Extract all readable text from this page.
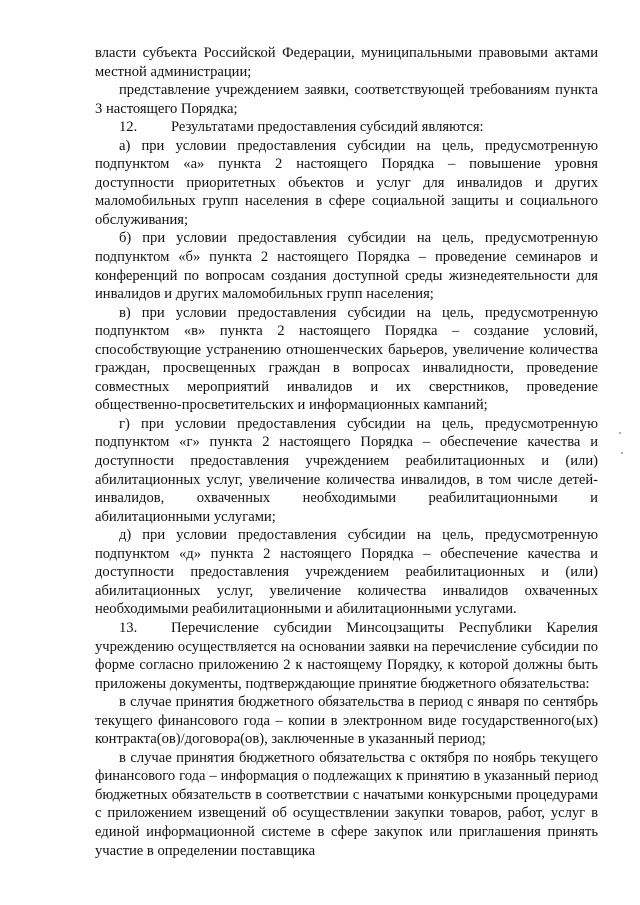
власти субъекта Российской Федерации, муниципальными правовыми актами местной администрации;

представление учреждением заявки, соответствующей требованиям пункта 3 настоящего Порядка;

12. Результатами предоставления субсидий являются:

а) при условии предоставления субсидии на цель, предусмотренную подпунктом «а» пункта 2 настоящего Порядка – повышение уровня доступности приоритетных объектов и услуг для инвалидов и других маломобильных групп населения в сфере социальной защиты и социального обслуживания;

б) при условии предоставления субсидии на цель, предусмотренную подпунктом «б» пункта 2 настоящего Порядка – проведение семинаров и конференций по вопросам создания доступной среды жизнедеятельности для инвалидов и других маломобильных групп населения;

в) при условии предоставления субсидии на цель, предусмотренную подпунктом «в» пункта 2 настоящего Порядка – создание условий, способствующие устранению отношенческих барьеров, увеличение количества граждан, просвещенных граждан в вопросах инвалидности, проведение совместных мероприятий инвалидов и их сверстников, проведение общественно-просветительских и информационных кампаний;

г) при условии предоставления субсидии на цель, предусмотренную подпунктом «г» пункта 2 настоящего Порядка – обеспечение качества и доступности предоставления учреждением реабилитационных и (или) абилитационных услуг, увеличение количества инвалидов, в том числе детей-инвалидов, охваченных необходимыми реабилитационными и абилитационными услугами;

д) при условии предоставления субсидии на цель, предусмотренную подпунктом «д» пункта 2 настоящего Порядка – обеспечение качества и доступности предоставления учреждением реабилитационных и (или) абилитационных услуг, увеличение количества инвалидов охваченных необходимыми реабилитационными и абилитационными услугами.

13. Перечисление субсидии Минсоцзащиты Республики Карелия учреждению осуществляется на основании заявки на перечисление субсидии по форме согласно приложению 2 к настоящему Порядку, к которой должны быть приложены документы, подтверждающие принятие бюджетного обязательства:

в случае принятия бюджетного обязательства в период с января по сентябрь текущего финансового года – копии в электронном виде государственного(ых) контракта(ов)/договора(ов), заключенные в указанный период;

в случае принятия бюджетного обязательства с октября по ноябрь текущего финансового года – информация о подлежащих к принятию в указанный период бюджетных обязательств в соответствии с начатыми конкурсными процедурами с приложением извещений об осуществлении закупки товаров, работ, услуг в единой информационной системе в сфере закупок или приглашения принять участие в определении поставщика
